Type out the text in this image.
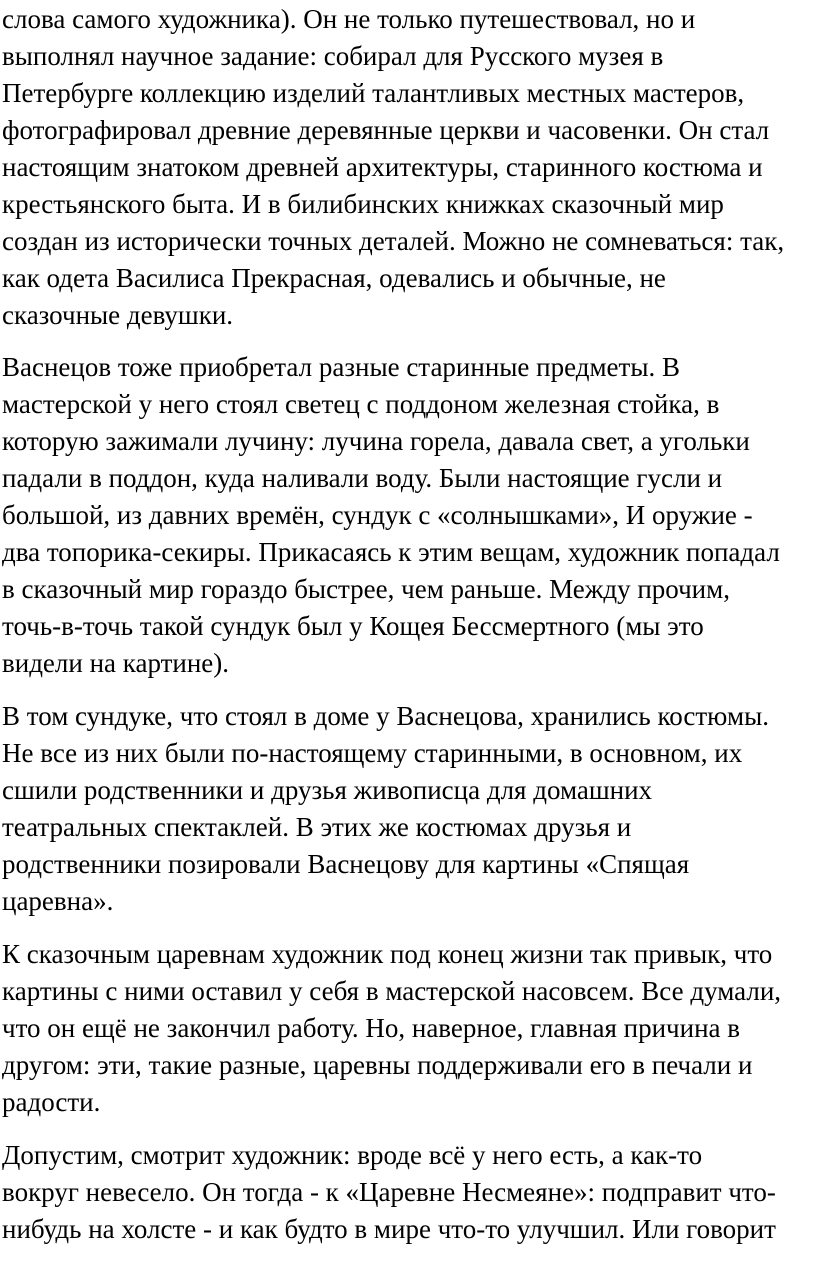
слова самого художника). Он не только путешествовал, но и
выполнял научное задание: собирал для Русского музея в
Петербурге коллекцию изделий талантливых местных мастеров,
фотографировал древние деревянные церкви и часовенки. Он стал
настоящим знатоком древней архитектуры, старинного костюма и
крестьянского быта. И в билибинских книжках сказочный мир
создан из исторически точных деталей. Можно не сомневаться: так,
как одета Василиса Прекрасная, одевались и обычные, не
сказочные девушки.
Васнецов тоже приобретал разные старинные предметы. В
мастерской у него стоял светец с поддоном железная стойка, в
которую зажимали лучину: лучина горела, давала свет, а угольки
падали в поддон, куда наливали воду. Были настоящие гусли и
большой, из давних времён, сундук с «солнышками», И оружие -
два топорика-секиры. Прикасаясь к этим вещам, художник попадал
в сказочный мир гораздо быстрее, чем раньше. Между прочим,
точь-в-точь такой сундук был у Кощея Бессмертного (мы это
видели на картине).
В том сундуке, что стоял в доме у Васнецова, хранились костюмы.
Не все из них были по-настоящему старинными, в основном, их
сшили родственники и друзья живописца для домашних
театральных спектаклей. В этих же костюмах друзья и
родственники позировали Васнецову для картины «Спящая
царевна».
К сказочным царевнам художник под конец жизни так привык, что
картины с ними оставил у себя в мастерской насовсем. Все думали,
что он ещё не закончил работу. Но, наверное, главная причина в
другом: эти, такие разные, царевны поддерживали его в печали и
радости.
Допустим, смотрит художник: вроде всё у него есть, а как-то
вокруг невесело. Он тогда - к «Царевне Несмеяне»: подправит что-
нибудь на холсте - и как будто в мире что-то улучшил. Или говорит
